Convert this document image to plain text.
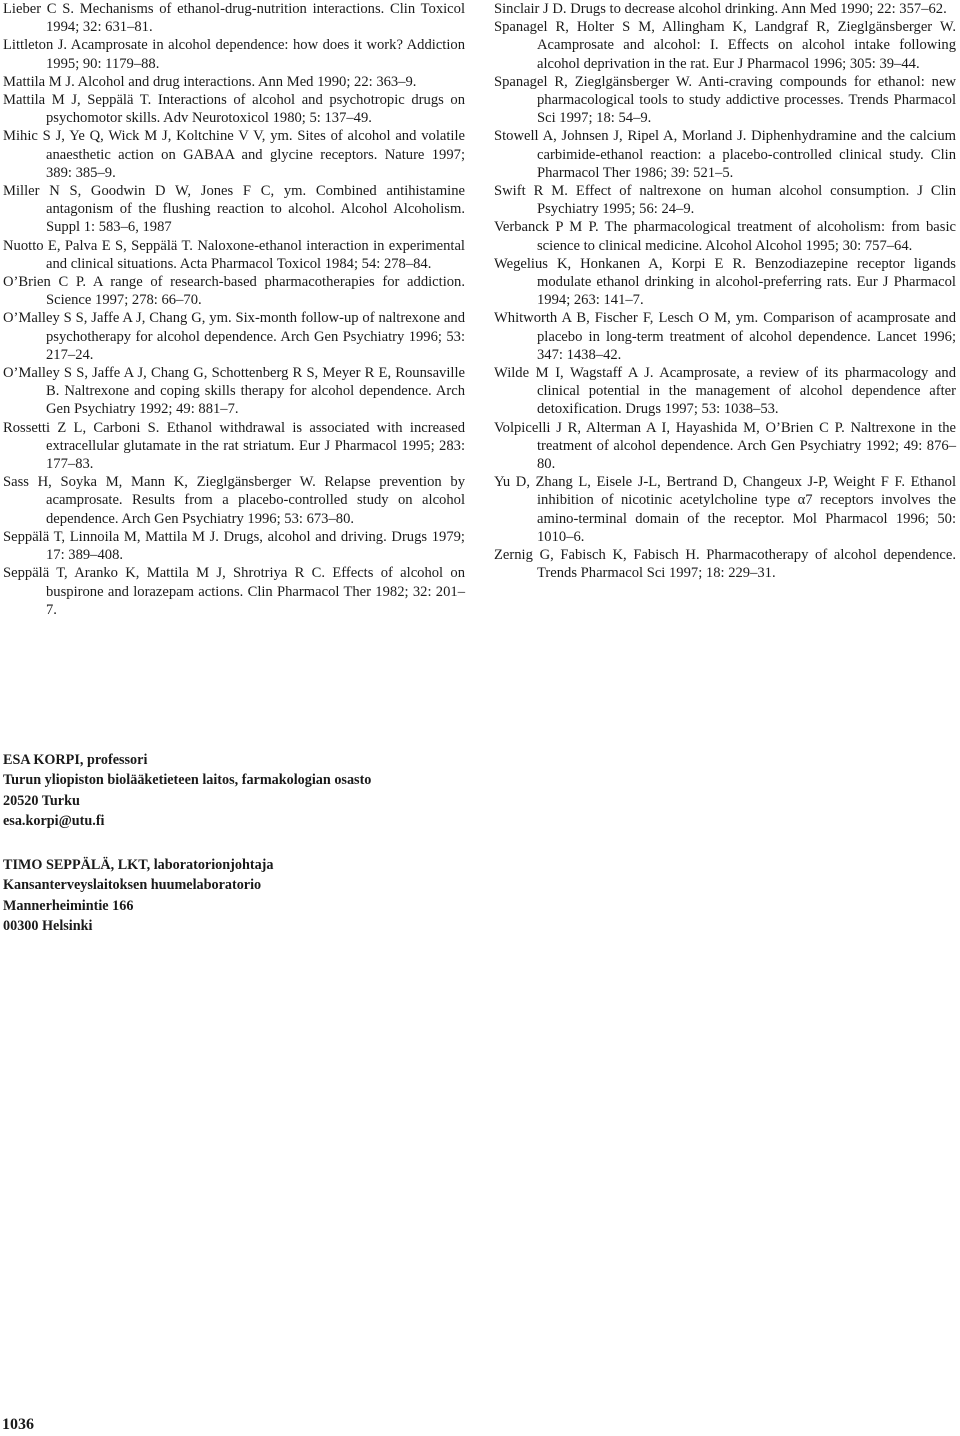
Lieber C S. Mechanisms of ethanol-drug-nutrition interactions. Clin Toxicol 1994; 32: 631–81.

Littleton J. Acamprosate in alcohol dependence: how does it work? Addiction 1995; 90: 1179–88.

Mattila M J. Alcohol and drug interactions. Ann Med 1990; 22: 363–9.

Mattila M J, Seppälä T. Interactions of alcohol and psychotropic drugs on psychomotor skills. Adv Neurotoxicol 1980; 5: 137–49.

Mihic S J, Ye Q, Wick M J, Koltchine V V, ym. Sites of alcohol and volatile anaesthetic action on GABAA and glycine receptors. Nature 1997; 389: 385–9.

Miller N S, Goodwin D W, Jones F C, ym. Combined antihistamine antagonism of the flushing reaction to alcohol. Alcohol Alcoholism. Suppl 1: 583–6, 1987

Nuotto E, Palva E S, Seppälä T. Naloxone-ethanol interaction in experimental and clinical situations. Acta Pharmacol Toxicol 1984; 54: 278–84.

O’Brien C P. A range of research-based pharmacotherapies for addiction. Science 1997; 278: 66–70.

O’Malley S S, Jaffe A J, Chang G, ym. Six-month follow-up of naltrexone and psychotherapy for alcohol dependence. Arch Gen Psychiatry 1996; 53: 217–24.

O’Malley S S, Jaffe A J, Chang G, Schottenberg R S, Meyer R E, Rounsaville B. Naltrexone and coping skills therapy for alcohol dependence. Arch Gen Psychiatry 1992; 49: 881–7.

Rossetti Z L, Carboni S. Ethanol withdrawal is associated with increased extracellular glutamate in the rat striatum. Eur J Pharmacol 1995; 283: 177–83.

Sass H, Soyka M, Mann K, Zieglgänsberger W. Relapse prevention by acamprosate. Results from a placebo-controlled study on alcohol dependence. Arch Gen Psychiatry 1996; 53: 673–80.

Seppälä T, Linnoila M, Mattila M J. Drugs, alcohol and driving. Drugs 1979; 17: 389–408.

Seppälä T, Aranko K, Mattila M J, Shrotriya R C. Effects of alcohol on buspirone and lorazepam actions. Clin Pharmacol Ther 1982; 32: 201–7.

Sinclair J D. Drugs to decrease alcohol drinking. Ann Med 1990; 22: 357–62.

Spanagel R, Holter S M, Allingham K, Landgraf R, Zieglgänsberger W. Acamprosate and alcohol: I. Effects on alcohol intake following alcohol deprivation in the rat. Eur J Pharmacol 1996; 305: 39–44.

Spanagel R, Zieglgänsberger W. Anti-craving compounds for ethanol: new pharmacological tools to study addictive processes. Trends Pharmacol Sci 1997; 18: 54–9.

Stowell A, Johnsen J, Ripel A, Morland J. Diphenhydramine and the calcium carbimide-ethanol reaction: a placebo-controlled clinical study. Clin Pharmacol Ther 1986; 39: 521–5.

Swift R M. Effect of naltrexone on human alcohol consumption. J Clin Psychiatry 1995; 56: 24–9.

Verbanck P M P. The pharmacological treatment of alcoholism: from basic science to clinical medicine. Alcohol Alcohol 1995; 30: 757–64.

Wegelius K, Honkanen A, Korpi E R. Benzodiazepine receptor ligands modulate ethanol drinking in alcohol-preferring rats. Eur J Pharmacol 1994; 263: 141–7.

Whitworth A B, Fischer F, Lesch O M, ym. Comparison of acamprosate and placebo in long-term treatment of alcohol dependence. Lancet 1996; 347: 1438–42.

Wilde M I, Wagstaff A J. Acamprosate, a review of its pharmacology and clinical potential in the management of alcohol dependence after detoxification. Drugs 1997; 53: 1038–53.

Volpicelli J R, Alterman A I, Hayashida M, O’Brien C P. Naltrexone in the treatment of alcohol dependence. Arch Gen Psychiatry 1992; 49: 876–80.

Yu D, Zhang L, Eisele J-L, Bertrand D, Changeux J-P, Weight F F. Ethanol inhibition of nicotinic acetylcholine type α7 receptors involves the amino-terminal domain of the receptor. Mol Pharmacol 1996; 50: 1010–6.

Zernig G, Fabisch K, Fabisch H. Pharmacotherapy of alcohol dependence. Trends Pharmacol Sci 1997; 18: 229–31.

ESA KORPI, professori

Turun yliopiston biolääketieteen laitos, farmakologian osasto

20520 Turku

esa.korpi@utu.fi

TIMO SEPPÄLÄ, LKT, laboratorionjohtaja

Kansanterveyslaitoksen huumelaboratorio

Mannerheimintie 166

00300 Helsinki

1036
